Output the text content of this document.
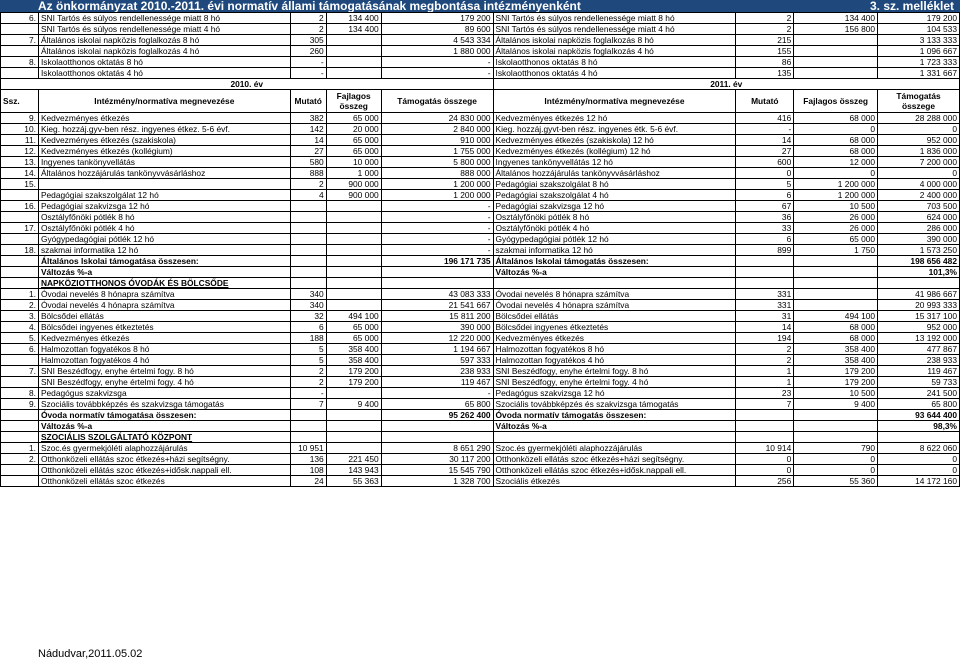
Az önkormányzat 2010.-2011. évi normatív állami támogatásának megbontása intézményenként	3. sz. melléklet
6.	SNI Tartós és súlyos rendellenessége miatt 8 hó	2	134 400	179 200	SNI Tartós és súlyos rendellenessége miatt 8 hó	2	134 400	179 200
	SNI Tartós és súlyos rendellenessége miatt 4 hó	2	134 400	89 600	SNI Tartós és súlyos rendellenessége miatt 4 hó	2	156 800	104 533
7.	Általános iskolai napközis foglalkozás 8 hó	305		4 543 334	Általános iskolai napközis foglalkozás 8 hó	215		3 133 333
	Általános iskolai napközis foglalkozás 4 hó	260		1 880 000	Általános iskolai napközis foglalkozás 4 hó	155		1 096 667
8.	Iskolaotthonos oktatás 8 hó	-		-	Iskolaotthonos oktatás 8 hó	86		1 723 333
	Iskolaotthonos oktatás 4 hó	-		-	Iskolaotthonos oktatás 4 hó	135		1 331 667
2010. év					2011. év			
Ssz.	Intézmény/normatíva megnevezése	Mutató	Fajlagos összeg	Támogatás összege	Intézmény/normatíva megnevezése	Mutató	Fajlagos összeg	Támogatás összege
9.	Kedvezményes étkezés	382	65 000	24 830 000	Kedvezményes étkezés 12 hó	416	68 000	28 288 000
10.	Kieg. hozzáj.gyv-ben rész. ingyenes étkez. 5-6 évf.	142	20 000	2 840 000	Kieg. hozzáj.gyvt-ben rész. ingyenes étk. 5-6 évf.	-	0	0
11.	Kedvezményes étkezés (szakiskola)	14	65 000	910 000	Kedvezményes étkezés (szakiskola) 12 hó	14	68 000	952 000
12.	Kedvezményes étkezés (kollégium)	27	65 000	1 755 000	Kedvezményes étkezés (kollégium) 12 hó	27	68 000	1 836 000
13.	Ingyenes tankönyvellátás	580	10 000	5 800 000	Ingyenes tankönyvellátás 12 hó	600	12 000	7 200 000
14.	Általános hozzájárulás tankönyvvásárláshoz	888	1 000	888 000	Általános hozzájárulás tankönyvvásárláshoz	0	0	0
15.		2	900 000	1 200 000	Pedagógiai szakszolgálat 8 hó	5	1 200 000	4 000 000
	Pedagógiai szakszolgálat 12 hó	4	900 000	1 200 000	Pedagógiai szakszolgálat 4 hó	6	1 200 000	2 400 000
16.	Pedagógiai szakvizsga 12 hó			-	Pedagógiai szakvizsga 12 hó	67	10 500	703 500
	Osztályfőnöki pótlék 8 hó			-	Osztályfőnöki pótlék 8 hó	36	26 000	624 000
17.	Osztályfőnöki pótlék 4 hó			-	Osztályfőnöki pótlék 4 hó	33	26 000	286 000
	Gyógypedagógiai pótlék 12 hó			-	Gyógypedagógiai pótlék 12 hó	6	65 000	390 000
18.	szakmai informatika 12 hó			-	szakmai informatika 12 hó	899	1 750	1 573 250
	Általános Iskolai támogatása összesen:			196 171 735	Általános Iskolai támogatás összesen:			198 656 482
	Változás %-a				Változás %-a			101,3%
	NAPKÖZIOTTHONOS ÓVODÁK ÉS BÖLCSŐDE							
1.	Óvodai nevelés 8 hónapra számítva	340		43 083 333	Óvodai nevelés 8 hónapra számítva	331		41 986 667
2.	Óvodai nevelés 4 hónapra számítva	340		21 541 667	Óvodai nevelés 4 hónapra számítva	331		20 993 333
3.	Bölcsődei ellátás	32	494 100	15 811 200	Bölcsődei ellátás	31	494 100	15 317 100
4.	Bölcsődei ingyenes étkeztetés	6	65 000	390 000	Bölcsődei ingyenes étkeztetés	14	68 000	952 000
5.	Kedvezményes étkezés	188	65 000	12 220 000	Kedvezményes étkezés	194	68 000	13 192 000
6.	Halmozottan fogyatékos 8 hó	5	358 400	1 194 667	Halmozottan fogyatékos 8 hó	2	358 400	477 867
	Halmozottan fogyatékos 4 hó	5	358 400	597 333	Halmozottan fogyatékos 4 hó	2	358 400	238 933
7.	SNI Beszédfogy, enyhe értelmi fogy. 8 hó	2	179 200	238 933	SNI Beszédfogy, enyhe értelmi fogy. 8 hó	1	179 200	119 467
	SNI Beszédfogy, enyhe értelmi fogy. 4 hó	2	179 200	119 467	SNI Beszédfogy, enyhe értelmi fogy. 4 hó	1	179 200	59 733
8.	Pedagógus szakvizsga	-		-	Pedagógus szakvizsga 12 hó	23	10 500	241 500
9.	Szociális továbbképzés és szakvizsga támogatás	7	9 400	65 800	Szociális továbbképzés és szakvizsga támogatás	7	9 400	65 800
	Óvoda normatív támogatása összesen:			95 262 400	Óvoda normatív támogatás összesen:			93 644 400
	Változás %-a				Változás %-a			98,3%
	SZOCIÁLIS SZOLGÁLTATÓ KÖZPONT							
1.	Szoc.és gyermekjóléti alaphozzájárulás	10 951		8 651 290	Szoc.és gyermekjóléti alaphozzájárulás	10 914	790	8 622 060
2.	Otthonközeli ellátás szoc étkezés+házi segítségny.	136	221 450	30 117 200	Otthonközeli ellátás szoc étkezés+házi segítségny.	0	0	0
	Otthonközeli ellátás szoc étkezés+idősk.nappali ell.	108	143 943	15 545 790	Otthonközeli ellátás szoc étkezés+idősk.nappali ell.	0	0	0
	Otthonközeli ellátás szoc étkezés	24	55 363	1 328 700	Szociális étkezés	256	55 360	14 172 160
Nádudvar,2011.05.02
